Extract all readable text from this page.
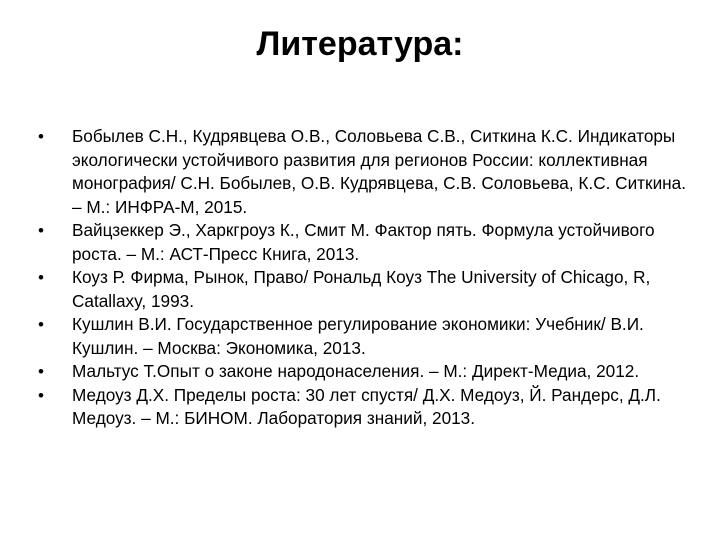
Литература:
•	Бобылев С.Н., Кудрявцева О.В., Соловьева С.В., Ситкина К.С. Индикаторы экологически устойчивого развития для регионов России: коллективная монография/ С.Н. Бобылев, О.В. Кудрявцева, С.В. Соловьева, К.С. Ситкина. – М.: ИНФРА-М, 2015.
•	Вайцзеккер Э., Харкгроуз К., Смит М. Фактор пять. Формула устойчивого роста. – М.: АСТ-Пресс Книга, 2013.
•	Коуз Р. Фирма, Рынок, Право/ Рональд Коуз The University of Chicago, R, Catallaxy, 1993.
•	Кушлин В.И. Государственное регулирование экономики: Учебник/ В.И. Кушлин. – Москва: Экономика, 2013.
•	Мальтус Т.Опыт о законе народонаселения. – М.: Директ-Медиа, 2012.
•	Медоуз Д.Х. Пределы роста: 30 лет спустя/ Д.Х. Медоуз, Й. Рандерс, Д.Л. Медоуз. – М.: БИНОМ. Лаборатория знаний, 2013.
